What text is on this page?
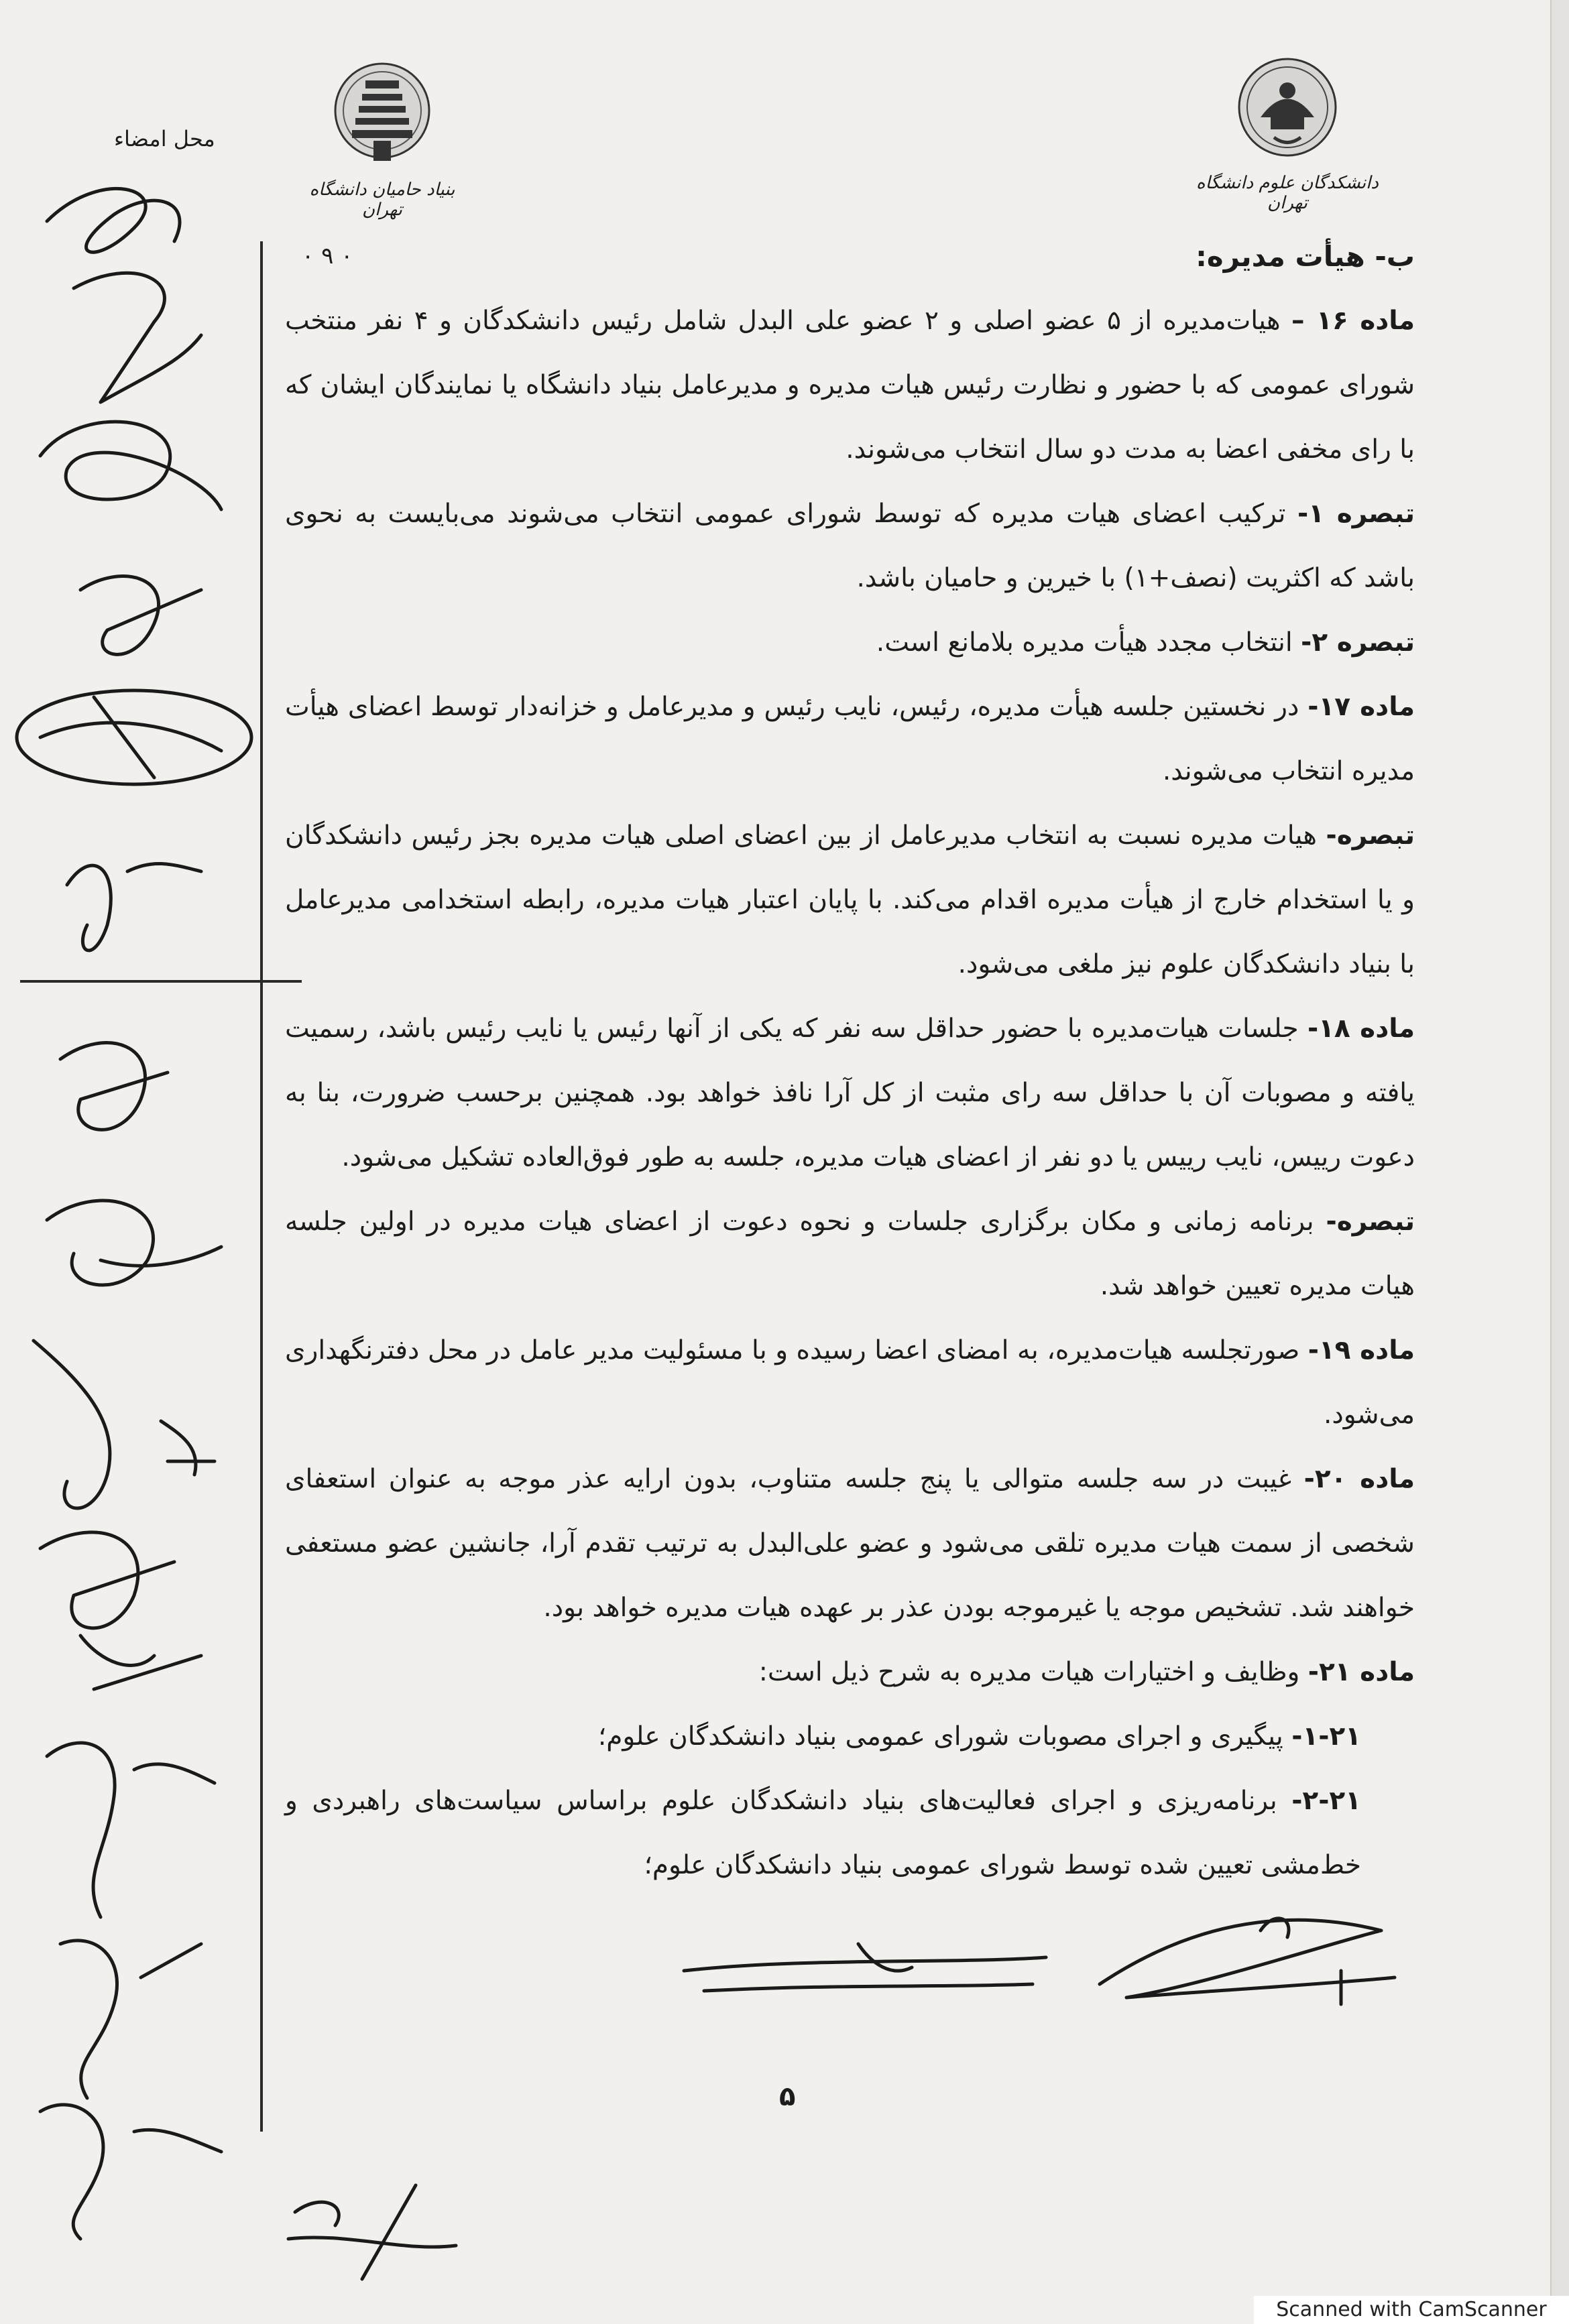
محل امضاء
بنیاد حامیان دانشگاه تهران
دانشکدگان علوم دانشگاه تهران
۰ ۹ ۰	ب- هیأت مدیره:

ماده ۱۶ – هیات‌مدیره از ۵ عضو اصلی و ۲ عضو علی البدل شامل رئیس دانشکدگان و ۴ نفر منتخب شورای عمومی که با حضور و نظارت رئیس هیات مدیره و مدیرعامل بنیاد دانشگاه یا نمایندگان ایشان که با رای مخفی اعضا به مدت دو سال انتخاب می‌شوند.

تبصره ۱- ترکیب اعضای هیات مدیره که توسط شورای عمومی انتخاب می‌شوند می‌بایست به نحوی باشد که اکثریت (نصف+۱) با خیرین و حامیان باشد.

تبصره ۲- انتخاب مجدد هیأت مدیره بلامانع است.

ماده ۱۷- در نخستین جلسه هیأت مدیره، رئیس، نایب رئیس و مدیرعامل و خزانه‌دار توسط اعضای هیأت مدیره انتخاب می‌شوند.

تبصره- هیات مدیره نسبت به انتخاب مدیرعامل از بین اعضای اصلی هیات مدیره بجز رئیس دانشکدگان و یا استخدام خارج از هیأت مدیره اقدام می‌کند. با پایان اعتبار هیات مدیره، رابطه استخدامی مدیرعامل با بنیاد دانشکدگان علوم نیز ملغی می‌شود.

ماده ۱۸- جلسات هیات‌مدیره با حضور حداقل سه نفر که یکی از آنها رئیس یا نایب رئیس باشد، رسمیت یافته و مصوبات آن با حداقل سه رای مثبت از کل آرا نافذ خواهد بود. همچنین برحسب ضرورت، بنا به دعوت رییس، نایب رییس یا دو نفر از اعضای هیات مدیره، جلسه به طور فوق‌العاده تشکیل می‌شود.

تبصره- برنامه زمانی و مکان برگزاری جلسات و نحوه دعوت از اعضای هیات مدیره در اولین جلسه هیات مدیره تعیین خواهد شد.

ماده ۱۹- صورتجلسه هیات‌مدیره، به امضای اعضا رسیده و با مسئولیت مدیر عامل در محل دفترنگهداری می‌شود.

ماده ۲۰- غیبت در سه جلسه متوالی یا پنج جلسه متناوب، بدون ارایه عذر موجه به عنوان استعفای شخصی از سمت هیات مدیره تلقی می‌شود و عضو علی‌البدل به ترتیب تقدم آرا، جانشین عضو مستعفی خواهند شد. تشخیص موجه یا غیرموجه بودن عذر بر عهده هیات مدیره خواهد بود.

ماده ۲۱- وظایف و اختیارات هیات مدیره به شرح ذیل است:

۱-۲۱- پیگیری و اجرای مصوبات شورای عمومی بنیاد دانشکدگان علوم؛

۲-۲۱- برنامه‌ریزی و اجرای فعالیت‌های بنیاد دانشکدگان علوم براساس سیاست‌های راهبردی و خط‌مشی تعیین شده توسط شورای عمومی بنیاد دانشکدگان علوم؛

۵
Scanned with CamScanner
